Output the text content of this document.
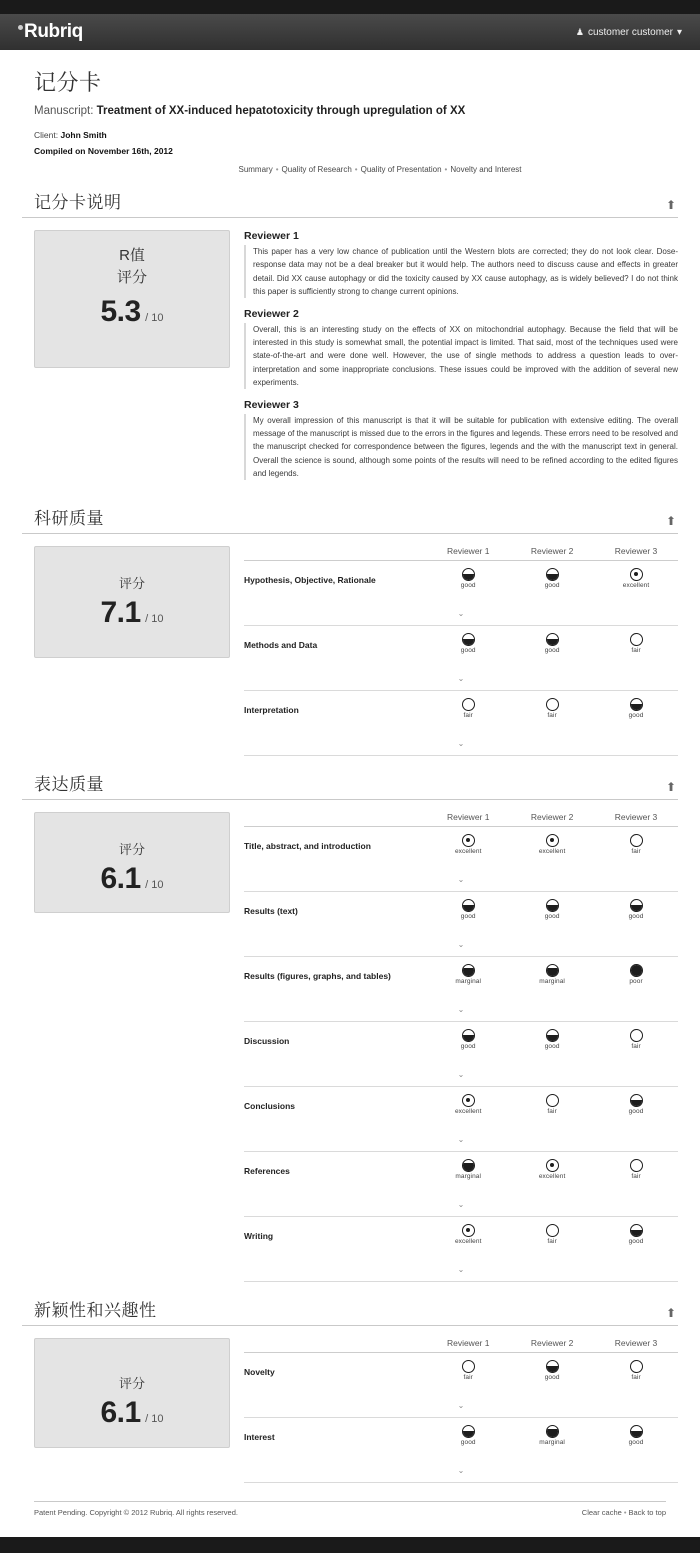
Rubriq	♟ customer customer ▾
记分卡

Manuscript: Treatment of XX-induced hepatotoxicity through upregulation of XX

Client: John Smith
Compiled on November 16th, 2012
Summary • Quality of Research • Quality of Presentation • Novelty and Interest
记分卡说明	⬆
R值
评分
5.3 / 10
Reviewer 1
This paper has a very low chance of publication until the Western blots are corrected; they do not look clear. Dose-response data may not be a deal breaker but it would help. The authors need to discuss cause and effects in greater detail. Did XX cause autophagy or did the toxicity caused by XX cause autophagy, as is widely believed? I do not think this paper is sufficiently strong to change current opinions.
Reviewer 2
Overall, this is an interesting study on the effects of XX on mitochondrial autophagy. Because the field that will be interested in this study is somewhat small, the potential impact is limited. That said, most of the techniques used were state-of-the-art and were done well. However, the use of single methods to address a question leads to over-interpretation and some inappropriate conclusions. These issues could be improved with the addition of several new experiments.
Reviewer 3
My overall impression of this manuscript is that it will be suitable for publication with extensive editing. The overall message of the manuscript is missed due to the errors in the figures and legends. These errors need to be resolved and the manuscript checked for correspondence between the figures, legends and the with the manuscript text in general. Overall the science is sound, although some points of the results will need to be refined according to the edited figures and legends.
科研质量	⬆
评分
7.1 / 10
	Reviewer 1	Reviewer 2	Reviewer 3
Hypothesis, Objective, Rationale	good	good	excellent

⌄			
Methods and Data	good	good	fair

⌄			
Interpretation	fair	fair	good

⌄			
表达质量	⬆
评分
6.1 / 10
	Reviewer 1	Reviewer 2	Reviewer 3
Title, abstract, and introduction	excellent	excellent	fair

⌄			
Results (text)	good	good	good

⌄			
Results (figures, graphs, and tables)	marginal	marginal	poor

⌄			
Discussion	good	good	fair

⌄			
Conclusions	excellent	fair	good

⌄			
References	marginal	excellent	fair

⌄			
Writing	excellent	fair	good

⌄			
新颖性和兴趣性	⬆
评分
6.1 / 10
	Reviewer 1	Reviewer 2	Reviewer 3
Novelty	fair	good	fair

⌄			
Interest	good	marginal	good

⌄			
Patent Pending. Copyright © 2012 Rubriq. All rights reserved.	Clear cache • Back to top
